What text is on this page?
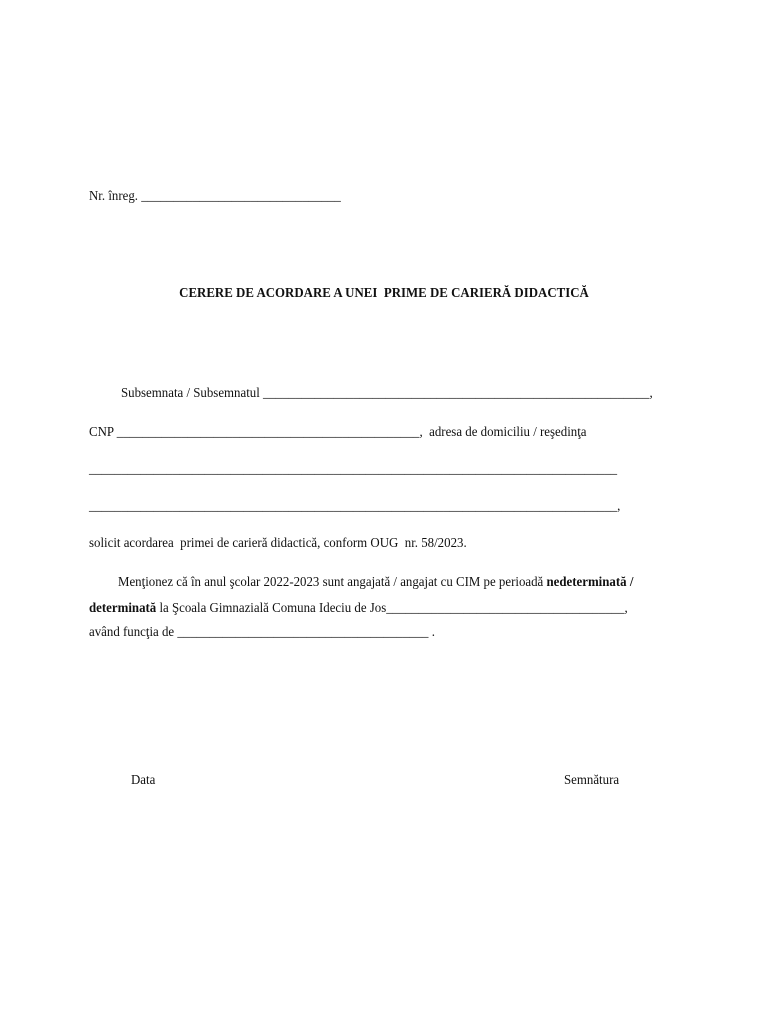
Nr. înreg. _______________________________
CERERE DE ACORDARE A UNEI  PRIME DE CARIERĂ DIDACTICĂ
Subsemnata / Subsemnatul ____________________________________________________________,
CNP _______________________________________________,  adresa de domiciliu / reşedinţa
__________________________________________________________________________________
__________________________________________________________________________________,
solicit acordarea  primei de carieră didactică, conform OUG  nr. 58/2023.
Menţionez că în anul şcolar 2022-2023 sunt angajată / angajat cu CIM pe perioadă nedeterminată /
determinată la Şcoala Gimnazială Comuna Ideciu de Jos_____________________________________,
având funcţia de _______________________________________ .
Data	Semnătura
